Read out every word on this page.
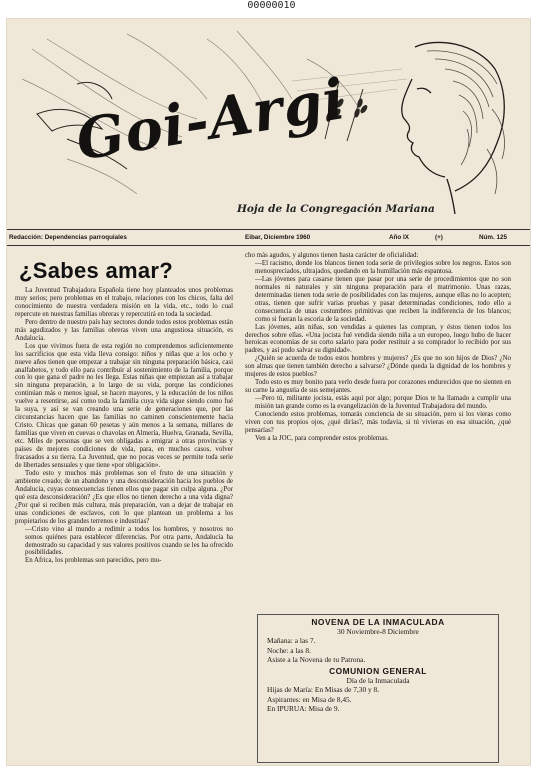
00000010
Goi-Argi
Hoja de la Congregación Mariana
Redacción: Dependencias parroquiales	Eibar, Diciembre 1960	Año IX	(+)	Núm. 125
¿Sabes amar?

La Juventud Trabajadora Española tiene hoy planteados unos problemas muy serios; pero problemas en el trabajo, relaciones con los chicos, falta del conocimiento de nuestra verdadera misión en la vida, etc., todo lo cual repercute en nuestras familias obreras y repercutirá en toda la sociedad.

Pero dentro de nuestro país hay sectores donde todos estos problemas están más agudizados y las familias obreras viven una angustiosa situación, es Andalucía.

Los que vivimos fuera de esta región no comprendemos suficientemente los sacrificios que esta vida lleva consigo: niños y niñas que a los ocho y nueve años tienen que empezar a trabajar sin ninguna preparación básica, casi analfabetos, y todo ello para contribuir al sostenimiento de la familia, porque con lo que gana el padre no les llega. Estas niñas que empiezan así a trabajar sin ninguna preparación, a lo largo de su vida, porque las condiciones continúan más o menos igual, se hacen mayores, y la educación de los niños vuelve a resentirse, así como toda la familia cuya vida sigue siendo como fué la suya, y así se van creando una serie de generaciones que, por las circunstancias hacen que las familias no caminen conscientemente hacia Cristo. Chicas que ganan 60 pesetas y aún menos a la semana, millares de familias que viven en cuevas o chavolas en Almería, Huelva, Granada, Sevilla, etc. Miles de personas que se ven obligadas a emigrar a otras provincias y países de mejores condiciones de vida, para, en muchos casos, volver fracasados a su tierra. La Juventud, que no pocas veces se permite toda serie de libertades sensuales y que tiene «por obligación».

Todo esto y muchos más problemas son el fruto de una situación y ambiente creado; de un abandono y una desconsideración hacia los pueblos de Andalucía, cuyas consecuencias tienen ellos que pagar sin culpa alguna. ¿Por qué esta desconsideración? ¿Es que ellos no tienen derecho a una vida digna? ¿Por qué si reciben más cultura, más preparación, van a dejar de trabajar en unas condiciones de esclavos, con lo que plantean un problema a los propietarios de los grandes terrenos e industrias?

—Cristo vino al mundo a redimir a todos los hombres, y nosotros no somos quiénes para establecer diferencias. Por otra parte, Andalucía ha demostrado su capacidad y sus valores positivos cuando se les ha ofrecido posibilidades.

En Africa, los problemas son parecidos, pero mu-

cho más agudos, y algunos tienen hasta carácter de oficialidad:

—El racismo, donde los blancos tienen toda serie de privilegios sobre los negros. Estos son menospreciados, ultrajados, quedando en la humillación más espantosa.

—Las jóvenes para casarse tienen que pasar por una serie de procedimientos que no son normales ni naturales y sin ninguna preparación para el matrimonio. Unas razas, determinadas tienen toda serie de posibilidades con las mujeres, aunque ellas no lo acepten; otras, tienen que sufrir varias pruebas y pasar determinadas condiciones, todo ello a consecuencia de unas costumbres primitivas que reciben la indiferencia de los blancos; como si fueran la escoria de la sociedad.

Las jóvenes, aún niñas, son vendidas a quienes las compran, y éstos tienen todos los derechos sobre ellas. «Una jocista fué vendida siendo niña a un europeo, luego hubo de hacer heroicas economías de su corto salario para poder restituir a su comprador lo recibido por sus padres, y así pudo salvar su dignidad».

¿Quién se acuerda de todos estos hombres y mujeres? ¿Es que no son hijos de Dios? ¿No son almas que tienen también derecho a salvarse? ¿Dónde queda la dignidad de los hombres y mujeres de estos pueblos?

Todo esto es muy bonito para verlo desde fuera por corazones endurecidos que no sienten en su carne la angustia de sus semejantes.

—Pero tú, militante jocista, estás aquí por algo; porque Dios te ha llamado a cumplir una misión tan grande como es la evangelización de la Juventud Trabajadora del mundo.

Conociendo estos problemas, tomarás conciencia de su situación, pero si los vieras como viven con tus propios ojos, ¿qué dirías?, más todavía, si tú vivieras en esa situación, ¿qué pensarías?

Ven a la JOC, para comprender estos problemas.

NOVENA DE LA INMACULADA
30 Noviembre-8 Diciembre
Mañana: a las 7.
Noche: a las 8.
Asiste a la Novena de tu Patrona.
COMUNION GENERAL
Día de la Inmaculada
Hijas de María: En Misas de 7,30 y 8.
Aspirantes: en Misa de 8,45.
En IPURUA: Misa de 9.
